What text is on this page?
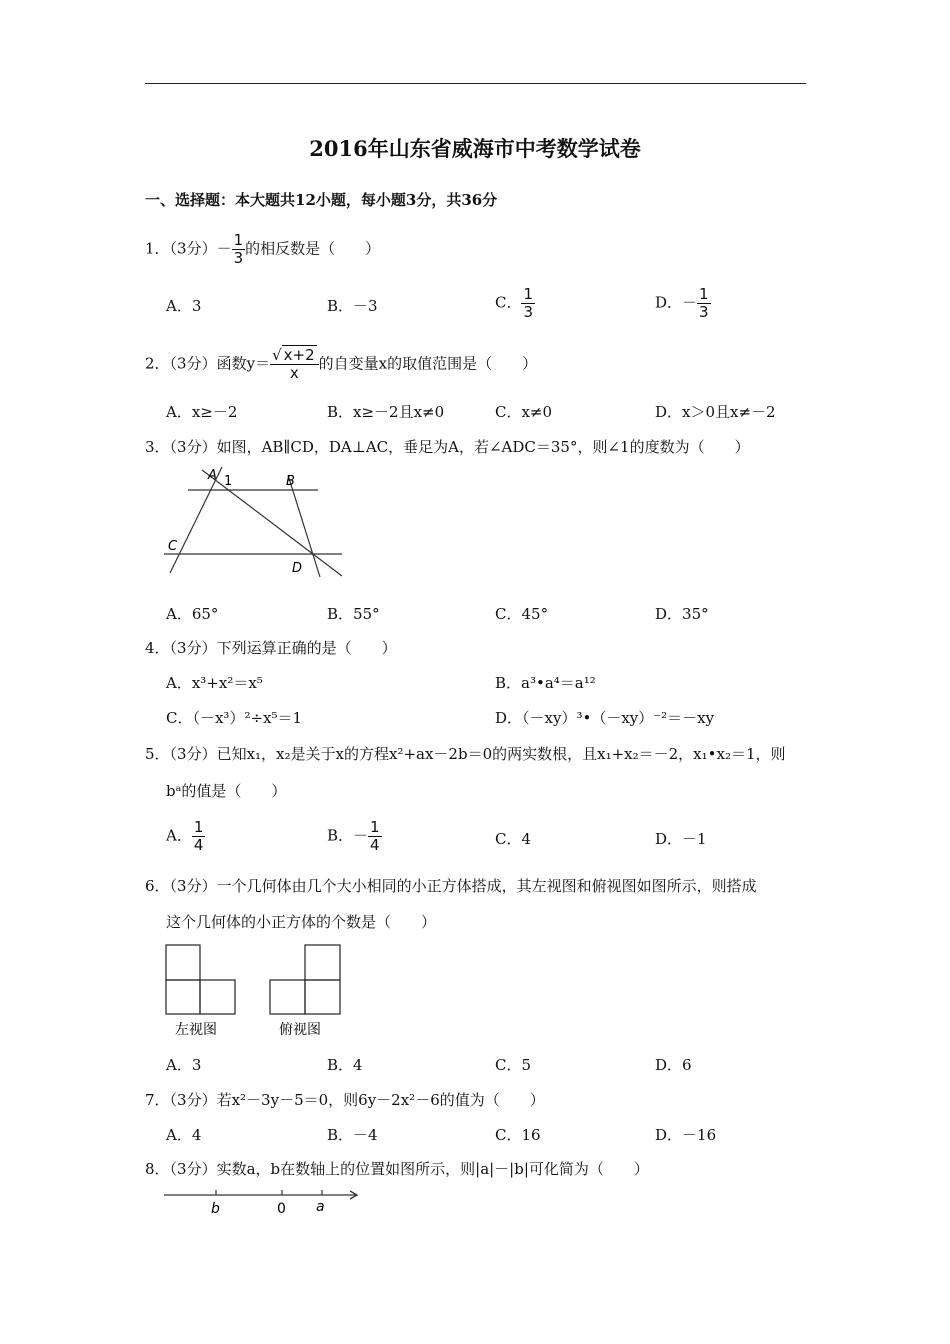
2016年山东省威海市中考数学试卷
一、选择题：本大题共12小题，每小题3分，共36分
1．（3分）－ $\frac{1}{3}$ 的相反数是（　　）
A．3	B．－3	C． $\frac{1}{3}$	D．－ $\frac{1}{3}$
2．（3分）函数$y= \frac{√ x+2}{x}$ 的自变量x的取值范围是（　　）
A．x≥－2	B．x≥－2且x≠0	C．x≠0	D．x＞0且x≠－2
3．（3分）如图，AB∥CD，DA⊥AC，垂足为A，若∠ADC＝35°，则∠1的度数为（　　）
A 1	B
C
D
A．65°	B．55°	C．45°	D．35°
4．（3分）下列运算正确的是（　　）
A．x³+x²＝x⁵	B．a³•a⁴＝a¹²
C．（－x³）²÷x⁵＝1	D．（－xy）³•（－xy）⁻²＝－xy
5．（3分）已知x₁，x₂是关于x的方程x²+ax－2b＝0的两实数根，且x₁+x₂＝－2，x₁•x₂＝1，则
bᵃ的值是（　　）
A． $\frac{1}{4}$	B．－ $\frac{1}{4}$	C．4	D．－1
6．（3分）一个几何体由几个大小相同的小正方体搭成，其左视图和俯视图如图所示，则搭成
这个几何体的小正方体的个数是（　　）
左视图	俯视图
A．3	B．4	C．5	D．6
7．（3分）若x²－3y－5＝0，则6y－2x²－6的值为（　　）
A．4	B．－4	C．16	D．－16
8．（3分）实数a，b在数轴上的位置如图所示，则|a|－|b|可化简为（　　）
b	0 a
